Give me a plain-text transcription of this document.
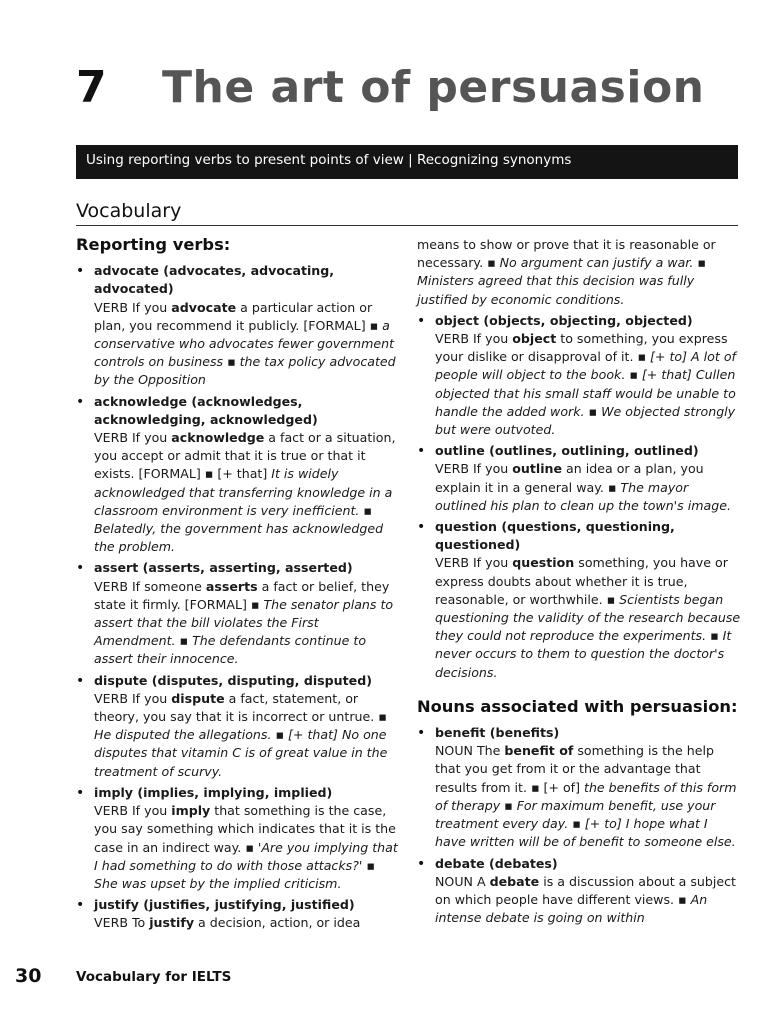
7 The art of persuasion
Using reporting verbs to present points of view | Recognizing synonyms
Vocabulary
Reporting verbs:
• advocate (advocates, advocating, advocated)
VERB If you advocate a particular action or plan, you recommend it publicly. [FORMAL] ▪ a conservative who advocates fewer government controls on business ▪ the tax policy advocated by the Opposition
• acknowledge (acknowledges, acknowledging, acknowledged)
VERB If you acknowledge a fact or a situation, you accept or admit that it is true or that it exists. [FORMAL] ▪ [+ that] It is widely acknowledged that transferring knowledge in a classroom environment is very inefficient. ▪ Belatedly, the government has acknowledged the problem.
• assert (asserts, asserting, asserted)
VERB If someone asserts a fact or belief, they state it firmly. [FORMAL] ▪ The senator plans to assert that the bill violates the First Amendment. ▪ The defendants continue to assert their innocence.
• dispute (disputes, disputing, disputed)
VERB If you dispute a fact, statement, or theory, you say that it is incorrect or untrue. ▪ He disputed the allegations. ▪ [+ that] No one disputes that vitamin C is of great value in the treatment of scurvy.
• imply (implies, implying, implied)
VERB If you imply that something is the case, you say something which indicates that it is the case in an indirect way. ▪ 'Are you implying that I had something to do with those attacks?' ▪ She was upset by the implied criticism.
• justify (justifies, justifying, justified)
VERB To justify a decision, action, or idea

means to show or prove that it is reasonable or necessary. ▪ No argument can justify a war. ▪ Ministers agreed that this decision was fully justified by economic conditions.

• object (objects, objecting, objected)
VERB If you object to something, you express your dislike or disapproval of it. ▪ [+ to] A lot of people will object to the book. ▪ [+ that] Cullen objected that his small staff would be unable to handle the added work. ▪ We objected strongly but were outvoted.
• outline (outlines, outlining, outlined)
VERB If you outline an idea or a plan, you explain it in a general way. ▪ The mayor outlined his plan to clean up the town's image.
• question (questions, questioning, questioned)
VERB If you question something, you have or express doubts about whether it is true, reasonable, or worthwhile. ▪ Scientists began questioning the validity of the research because they could not reproduce the experiments. ▪ It never occurs to them to question the doctor's decisions.
Nouns associated with persuasion:
• benefit (benefits)
NOUN The benefit of something is the help that you get from it or the advantage that results from it. ▪ [+ of] the benefits of this form of therapy ▪ For maximum benefit, use your treatment every day. ▪ [+ to] I hope what I have written will be of benefit to someone else.
• debate (debates)
NOUN A debate is a discussion about a subject on which people have different views. ▪ An intense debate is going on within
30	Vocabulary for IELTS
